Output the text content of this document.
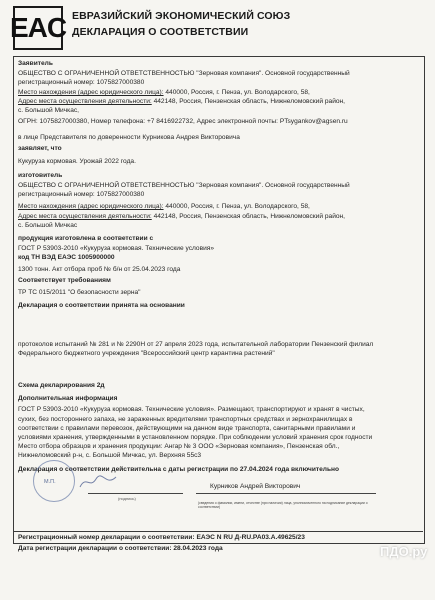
EAC ЕВРАЗИЙСКИЙ ЭКОНОМИЧЕСКИЙ СОЮЗ
ДЕКЛАРАЦИЯ О СООТВЕТСТВИИ
Заявитель
ОБЩЕСТВО С ОГРАНИЧЕННОЙ ОТВЕТСТВЕННОСТЬЮ "Зерновая компания". Основной государственный
регистрационный номер: 1075827000380
Место нахождения (адрес юридического лица): 440000, Россия, г. Пенза, ул. Володарского, 58,
Адрес места осуществления деятельности: 442148, Россия, Пензенская область, Нижнеломовский район,
с. Большой Мичкас,
ОГРН: 1075827000380, Номер телефона: +7 8416922732, Адрес электронной почты: PTsygankov@agsen.ru
в лице Представителя по доверенности Курникова Андрея Викторовича
заявляет, что
Кукуруза кормовая. Урожай 2022 года.
изготовитель
ОБЩЕСТВО С ОГРАНИЧЕННОЙ ОТВЕТСТВЕННОСТЬЮ "Зерновая компания". Основной государственный
регистрационный номер: 1075827000380
Место нахождения (адрес юридического лица): 440000, Россия, г. Пенза, ул. Володарского, 58,
Адрес места осуществления деятельности: 442148, Россия, Пензенская область, Нижнеломовский район,
с. Большой Мичкас
продукция изготовлена в соответствии с
ГОСТ Р 53903-2010 «Кукуруза кормовая. Технические условия»
код ТН ВЭД ЕАЭС 1005900000
1300 тонн. Акт отбора проб № б/н от 25.04.2023 года
Соответствует требованиям
ТР ТС 015/2011 "О безопасности зерна"
Декларация о соответствии принята на основании
протоколов испытаний № 281 и № 2290Н от 27 апреля 2023 года, испытательной лаборатории Пензенский филиал
Федерального бюджетного учреждения "Всероссийский центр карантина растений"
Схема декларирования 2д
Дополнительная информация
ГОСТ Р 53903-2010 «Кукуруза кормовая. Технические условия». Размещают, транспортируют и хранят в чистых,
сухих, без постороннего запаха, не зараженных вредителями транспортных средствах и зернохранилищах в
соответствии с правилами перевозок, действующими на данном виде транспорта, санитарными правилами и
условиями хранения, утвержденными в установленном порядке. При соблюдении условий хранения срок годности
Место отбора образцов и хранения продукции: Ангар № 3 ООО «Зерновая компания», Пензенская обл.,
Нижнеломовский р-н, с. Большой Мичкас, ул. Верхняя 55с3
Декларация о соответствии действительна с даты регистрации по 27.04.2024 года включительно
М.П.
(подпись)
Курников Андрей Викторович
(сведения о фамилии, имени, отчестве (при наличии) лица, уполномоченного на подписание декларации о соответствии)
Регистрационный номер декларации о соответствии: ЕАЭС N RU Д-RU.PA03.A.49625/23
Дата регистрации декларации о соответствии: 28.04.2023 года	ПДО.ру
